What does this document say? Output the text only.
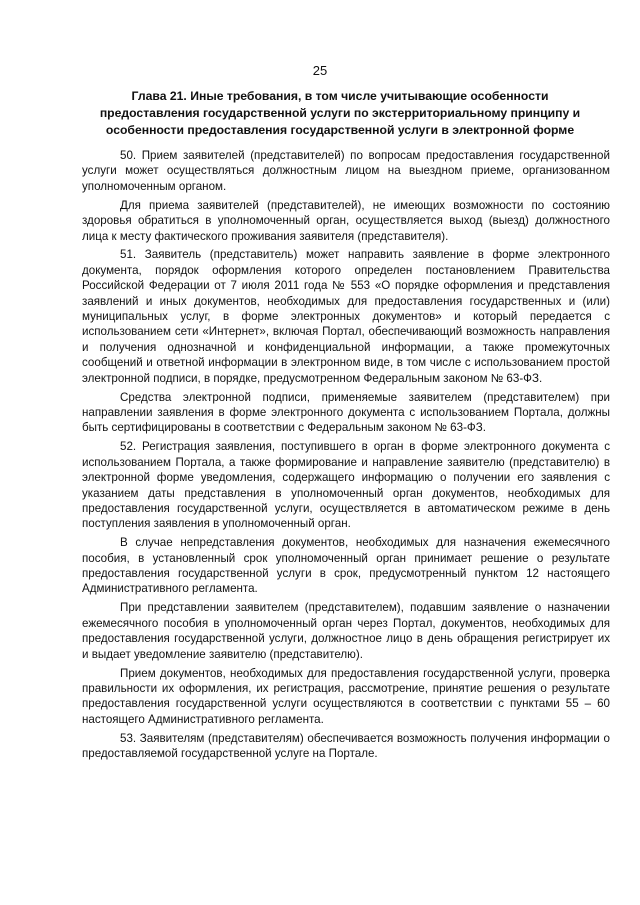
25
Глава 21. Иные требования, в том числе учитывающие особенности предоставления государственной услуги по экстерриториальному принципу и особенности предоставления государственной услуги в электронной форме

50. Прием заявителей (представителей) по вопросам предоставления государственной услуги может осуществляться должностным лицом на выездном приеме, организованном уполномоченным органом.

Для приема заявителей (представителей), не имеющих возможности по состоянию здоровья обратиться в уполномоченный орган, осуществляется выход (выезд) должностного лица к месту фактического проживания заявителя (представителя).

51. Заявитель (представитель) может направить заявление в форме электронного документа, порядок оформления которого определен постановлением Правительства Российской Федерации от 7 июля 2011 года № 553 «О порядке оформления и представления заявлений и иных документов, необходимых для предоставления государственных и (или) муниципальных услуг, в форме электронных документов» и который передается с использованием сети «Интернет», включая Портал, обеспечивающий возможность направления и получения однозначной и конфиденциальной информации, а также промежуточных сообщений и ответной информации в электронном виде, в том числе с использованием простой электронной подписи, в порядке, предусмотренном Федеральным законом № 63-ФЗ.

Средства электронной подписи, применяемые заявителем (представителем) при направлении заявления в форме электронного документа с использованием Портала, должны быть сертифицированы в соответствии с Федеральным законом № 63-ФЗ.

52. Регистрация заявления, поступившего в орган в форме электронного документа с использованием Портала, а также формирование и направление заявителю (представителю) в электронной форме уведомления, содержащего информацию о получении его заявления с указанием даты представления в уполномоченный орган документов, необходимых для предоставления государственной услуги, осуществляется в автоматическом режиме в день поступления заявления в уполномоченный орган.

В случае непредставления документов, необходимых для назначения ежемесячного пособия, в установленный срок уполномоченный орган принимает решение о результате предоставления государственной услуги в срок, предусмотренный пунктом 12 настоящего Административного регламента.

При представлении заявителем (представителем), подавшим заявление о назначении ежемесячного пособия в уполномоченный орган через Портал, документов, необходимых для предоставления государственной услуги, должностное лицо в день обращения регистрирует их и выдает уведомление заявителю (представителю).

Прием документов, необходимых для предоставления государственной услуги, проверка правильности их оформления, их регистрация, рассмотрение, принятие решения о результате предоставления государственной услуги осуществляются в соответствии с пунктами 55 – 60 настоящего Административного регламента.

53. Заявителям (представителям) обеспечивается возможность получения информации о предоставляемой государственной услуге на Портале.
